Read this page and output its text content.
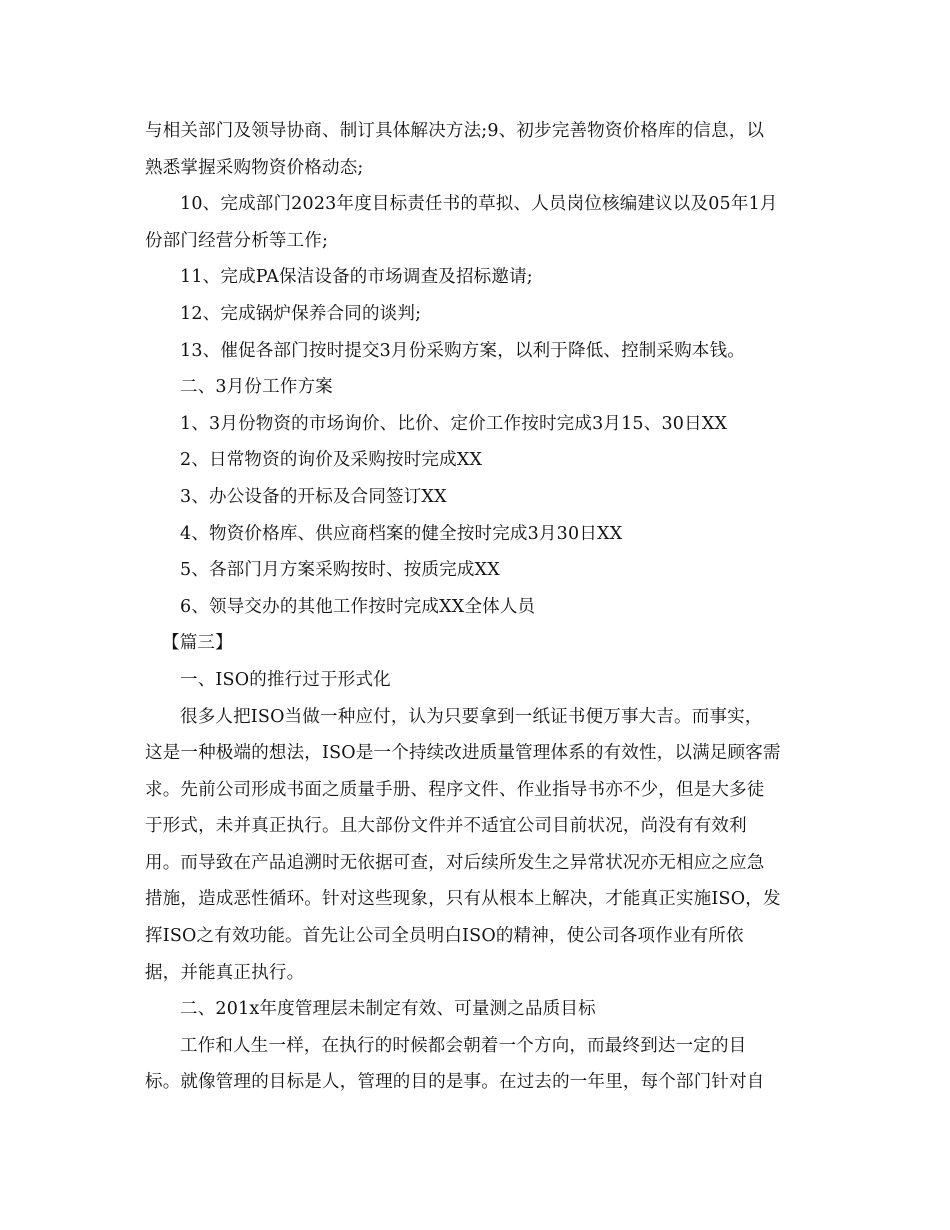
与相关部门及领导协商、制订具体解决方法;9、初步完善物资价格库的信息，以
熟悉掌握采购物资价格动态;
10、完成部门2023年度目标责任书的草拟、人员岗位核编建议以及05年1月
份部门经营分析等工作;
11、完成PA保洁设备的市场调查及招标邀请;
12、完成锅炉保养合同的谈判;
13、催促各部门按时提交3月份采购方案，以利于降低、控制采购本钱。
二、3月份工作方案
1、3月份物资的市场询价、比价、定价工作按时完成3月15、30日XX
2、日常物资的询价及采购按时完成XX
3、办公设备的开标及合同签订XX
4、物资价格库、供应商档案的健全按时完成3月30日XX
5、各部门月方案采购按时、按质完成XX
6、领导交办的其他工作按时完成XX全体人员
【篇三】
一、ISO的推行过于形式化
很多人把ISO当做一种应付，认为只要拿到一纸证书便万事大吉。而事实，
这是一种极端的想法，ISO是一个持续改进质量管理体系的有效性，以满足顾客需
求。先前公司形成书面之质量手册、程序文件、作业指导书亦不少，但是大多徒
于形式，未并真正执行。且大部份文件并不适宜公司目前状况，尚没有有效利
用。而导致在产品追溯时无依据可查，对后续所发生之异常状况亦无相应之应急
措施，造成恶性循环。针对这些现象，只有从根本上解决，才能真正实施ISO，发
挥ISO之有效功能。首先让公司全员明白ISO的精神，使公司各项作业有所依
据，并能真正执行。
二、201x年度管理层未制定有效、可量测之品质目标
工作和人生一样，在执行的时候都会朝着一个方向，而最终到达一定的目
标。就像管理的目标是人，管理的目的是事。在过去的一年里，每个部门针对自
